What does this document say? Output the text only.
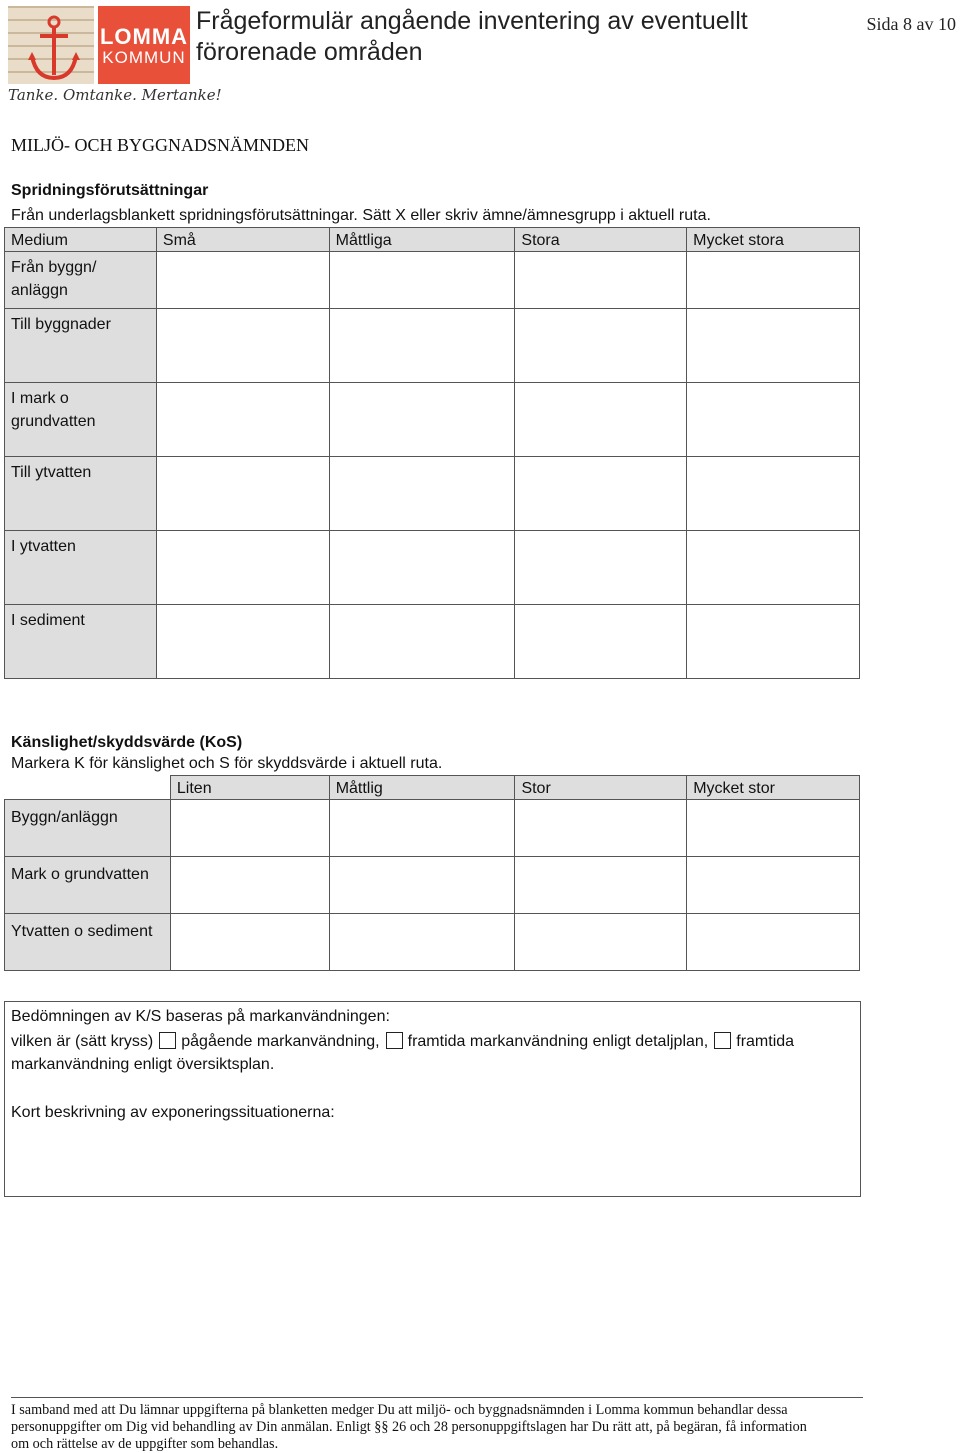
LOMMA
KOMMUN
Tanke. Omtanke. Mertanke!
Frågeformulär angående inventering av eventuellt förorenade områden
Sida 8 av 10
MILJÖ- OCH BYGGNADSNÄMNDEN
Spridningsförutsättningar
Från underlagsblankett spridningsförutsättningar. Sätt X eller skriv ämne/ämnesgrupp i aktuell ruta.
Medium	Små	Måttliga	Stora	Mycket stora
Från byggn/ anläggn				
Till byggnader				
I mark o grundvatten				
Till ytvatten				
I ytvatten				
I sediment				
Känslighet/skyddsvärde (KoS)
Markera K för känslighet och S för skyddsvärde i aktuell ruta.
	Liten	Måttlig	Stor	Mycket stor
Byggn/anläggn				
Mark o grundvatten				
Ytvatten o sediment				
Bedömningen av K/S baseras på markanvändningen:
vilken är (sätt kryss) pågående markanvändning, framtida markanvändning enligt detaljplan, framtida
markanvändning enligt översiktsplan.
Kort beskrivning av exponeringssituationerna:
I samband med att Du lämnar uppgifterna på blanketten medger Du att miljö- och byggnadsnämnden i Lomma kommun behandlar dessa
personuppgifter om Dig vid behandling av Din anmälan. Enligt §§ 26 och 28 personuppgiftslagen har Du rätt att, på begäran, få information
om och rättelse av de uppgifter som behandlas.
